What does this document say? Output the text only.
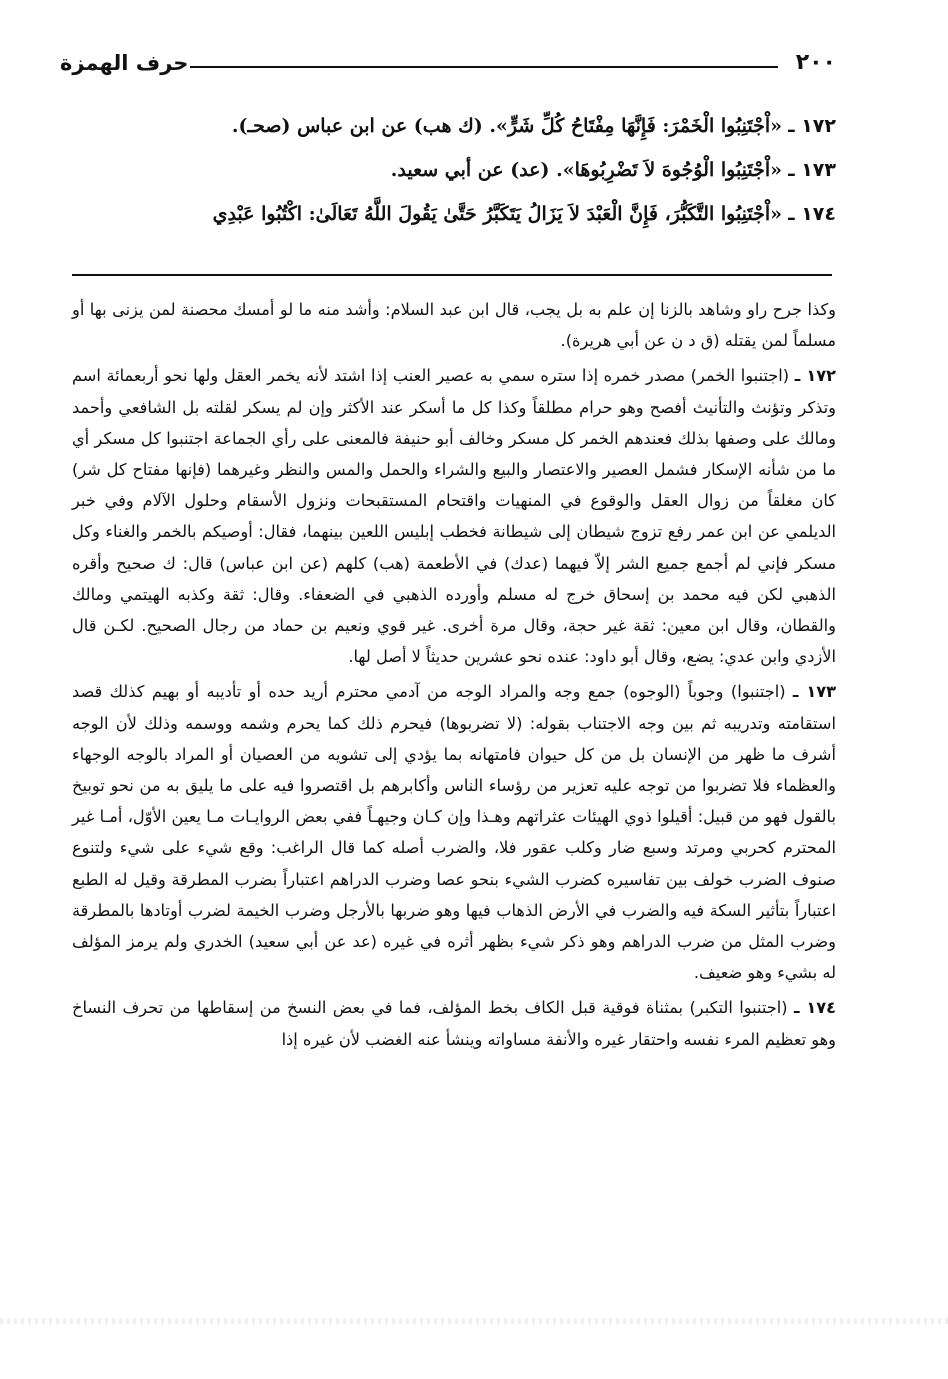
٢٠٠
حرف الهمزة
١٧٢ ـ «اْجْتَنِبُوا الْخَمْرَ: فَإِنَّهَا مِفْتَاحُ كُلِّ شَرٍّ». (ك هب) عن ابن عباس (صحـ).
١٧٣ ـ «اْجْتَنِبُوا الْوُجُوهَ لاَ تَضْرِبُوهَا». (عد) عن أبي سعيد.
١٧٤ ـ «اْجْتَنِبُوا التَّكَبُّرَ، فَإِنَّ الْعَبْدَ لاَ يَزَالُ يَتَكَبَّرُ حَتَّىٰ يَقُولَ اللَّهُ تَعَالَىٰ: اكْتُبُوا عَبْدِي

وكذا جرح راو وشاهد بالزنا إن علم به بل يجب، قال ابن عبد السلام: وأشد منه ما لو أمسك محصنة لمن يزنى بها أو مسلماً لمن يقتله (ق د ن عن أبي هريرة).

١٧٢ ـ (اجتنبوا الخمر) مصدر خمره إذا ستره سمي به عصير العنب إذا اشتد لأنه يخمر العقل ولها نحو أربعمائة اسم وتذكر وتؤنث والتأنيث أفصح وهو حرام مطلقاً وكذا كل ما أسكر عند الأكثر وإن لم يسكر لقلته بل الشافعي وأحمد ومالك على وصفها بذلك فعندهم الخمر كل مسكر وخالف أبو حنيفة فالمعنى على رأي الجماعة اجتنبوا كل مسكر أي ما من شأنه الإسكار فشمل العصير والاعتصار والبيع والشراء والحمل والمس والنظر وغيرهما (فإنها مفتاح كل شر) كان مغلقاً من زوال العقل والوقوع في المنهيات واقتحام المستقبحات ونزول الأسقام وحلول الآلام وفي خبر الديلمي عن ابن عمر رفع تزوج شيطان إلى شيطانة فخطب إبليس اللعين بينهما، فقال: أوصيكم بالخمر والغناء وكل مسكر فإني لم أجمع جميع الشر إلاّ فيهما (عدك) في الأطعمة (هب) كلهم (عن ابن عباس) قال: ك صحيح وأقره الذهبي لكن فيه محمد بن إسحاق خرج له مسلم وأورده الذهبي في الضعفاء. وقال: ثقة وكذبه الهيتمي ومالك والقطان، وقال ابن معين: ثقة غير حجة، وقال مرة أخرى. غير قوي ونعيم بن حماد من رجال الصحيح. لكـن قال الأزدي وابن عدي: يضع، وقال أبو داود: عنده نحو عشرين حديثاً لا أصل لها.

١٧٣ ـ (اجتنبوا) وجوباً (الوجوه) جمع وجه والمراد الوجه من آدمي محترم أريد حده أو تأديبه أو بهيم كذلك قصد استقامته وتدريبه ثم بين وجه الاجتناب بقوله: (لا تضربوها) فيحرم ذلك كما يحرم وشمه ووسمه وذلك لأن الوجه أشرف ما ظهر من الإنسان بل من كل حيوان فامتهانه بما يؤدي إلى تشويه من العصيان أو المراد بالوجه الوجهاء والعظماء فلا تضربوا من توجه عليه تعزير من رؤساء الناس وأكابرهم بل اقتصروا فيه على ما يليق به من نحو توبيخ بالقول فهو من قبيل: أقيلوا ذوي الهيئات عثراتهم وهـذا وإن كـان وجيهـاً ففي بعض الروايـات مـا يعين الأوّل، أمـا غير المحترم كحربي ومرتد وسبع ضار وكلب عقور فلا، والضرب أصله كما قال الراغب: وقع شيء على شيء ولتنوع صنوف الضرب خولف بين تفاسيره كضرب الشيء بنحو عصا وضرب الدراهم اعتباراً بضرب المطرقة وقيل له الطبع اعتباراً بتأثير السكة فيه والضرب في الأرض الذهاب فيها وهو ضربها بالأرجل وضرب الخيمة لضرب أوتادها بالمطرقة وضرب المثل من ضرب الدراهم وهو ذكر شيء بظهر أثره في غيره (عد عن أبي سعيد) الخدري ولم يرمز المؤلف له بشيء وهو ضعيف.

١٧٤ ـ (اجتنبوا التكبر) بمثناة فوقية قبل الكاف بخط المؤلف، فما في بعض النسخ من إسقاطها من تحرف النساخ وهو تعظيم المرء نفسه واحتقار غيره والأنفة مساواته وينشأ عنه الغضب لأن غيره إذا
